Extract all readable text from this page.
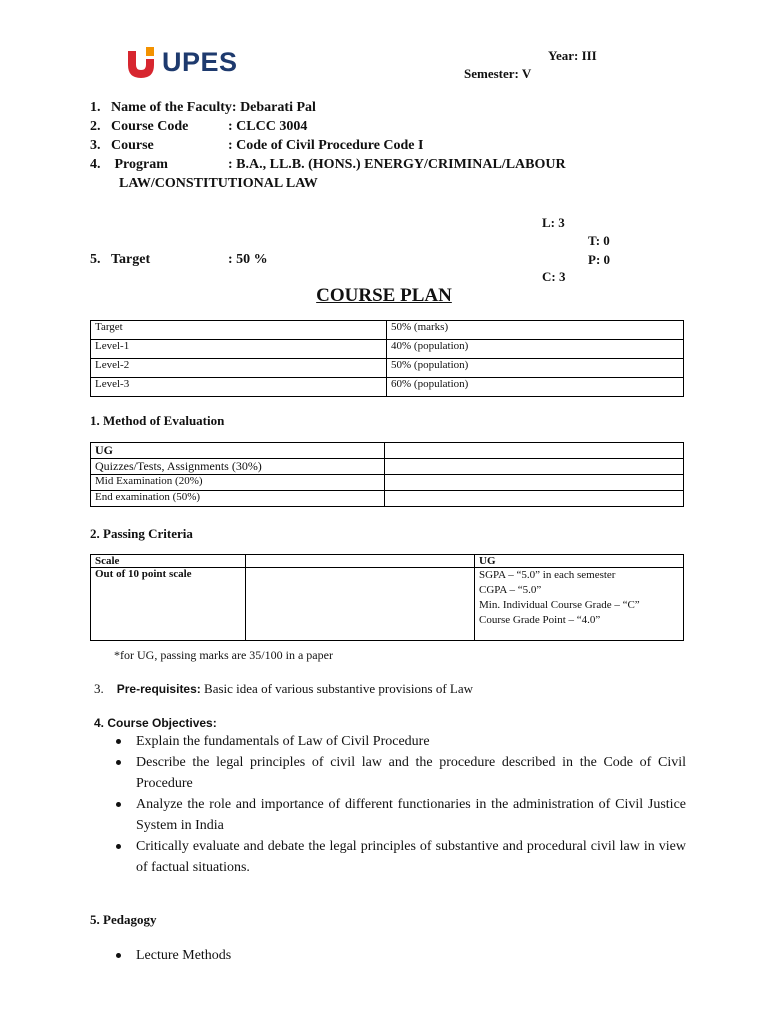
UPES	Year: III
Semester: V
1. Name of the Faculty: Debarati Pal
2. Course Code	: CLCC 3004
3. Course	: Code of Civil Procedure Code I
4. Program	: B.A., LL.B. (HONS.) ENERGY/CRIMINAL/LABOUR
LAW/CONSTITUTIONAL LAW
L: 3
T: 0
P: 0
C: 3
5. Target	: 50 %
COURSE PLAN
Target	50% (marks)
Level-1	40% (population)
Level-2	50% (population)
Level-3	60% (population)
1. Method of Evaluation
UG	
Quizzes/Tests, Assignments (30%)	
Mid Examination (20%)	
End examination (50%)	
2. Passing Criteria
Scale		UG
Out of 10 point scale		SGPA – “5.0” in each semester
CGPA – “5.0”
Min. Individual Course Grade – “C”
Course Grade Point – “4.0”
*for UG, passing marks are 35/100 in a paper
3. Pre-requisites: Basic idea of various substantive provisions of Law
4. Course Objectives:
Explain the fundamentals of Law of Civil Procedure
Describe the legal principles of civil law and the procedure described in the Code of Civil Procedure
Analyze the role and importance of different functionaries in the administration of Civil Justice System in India
Critically evaluate and debate the legal principles of substantive and procedural civil law in view of factual situations.
5. Pedagogy
Lecture Methods
